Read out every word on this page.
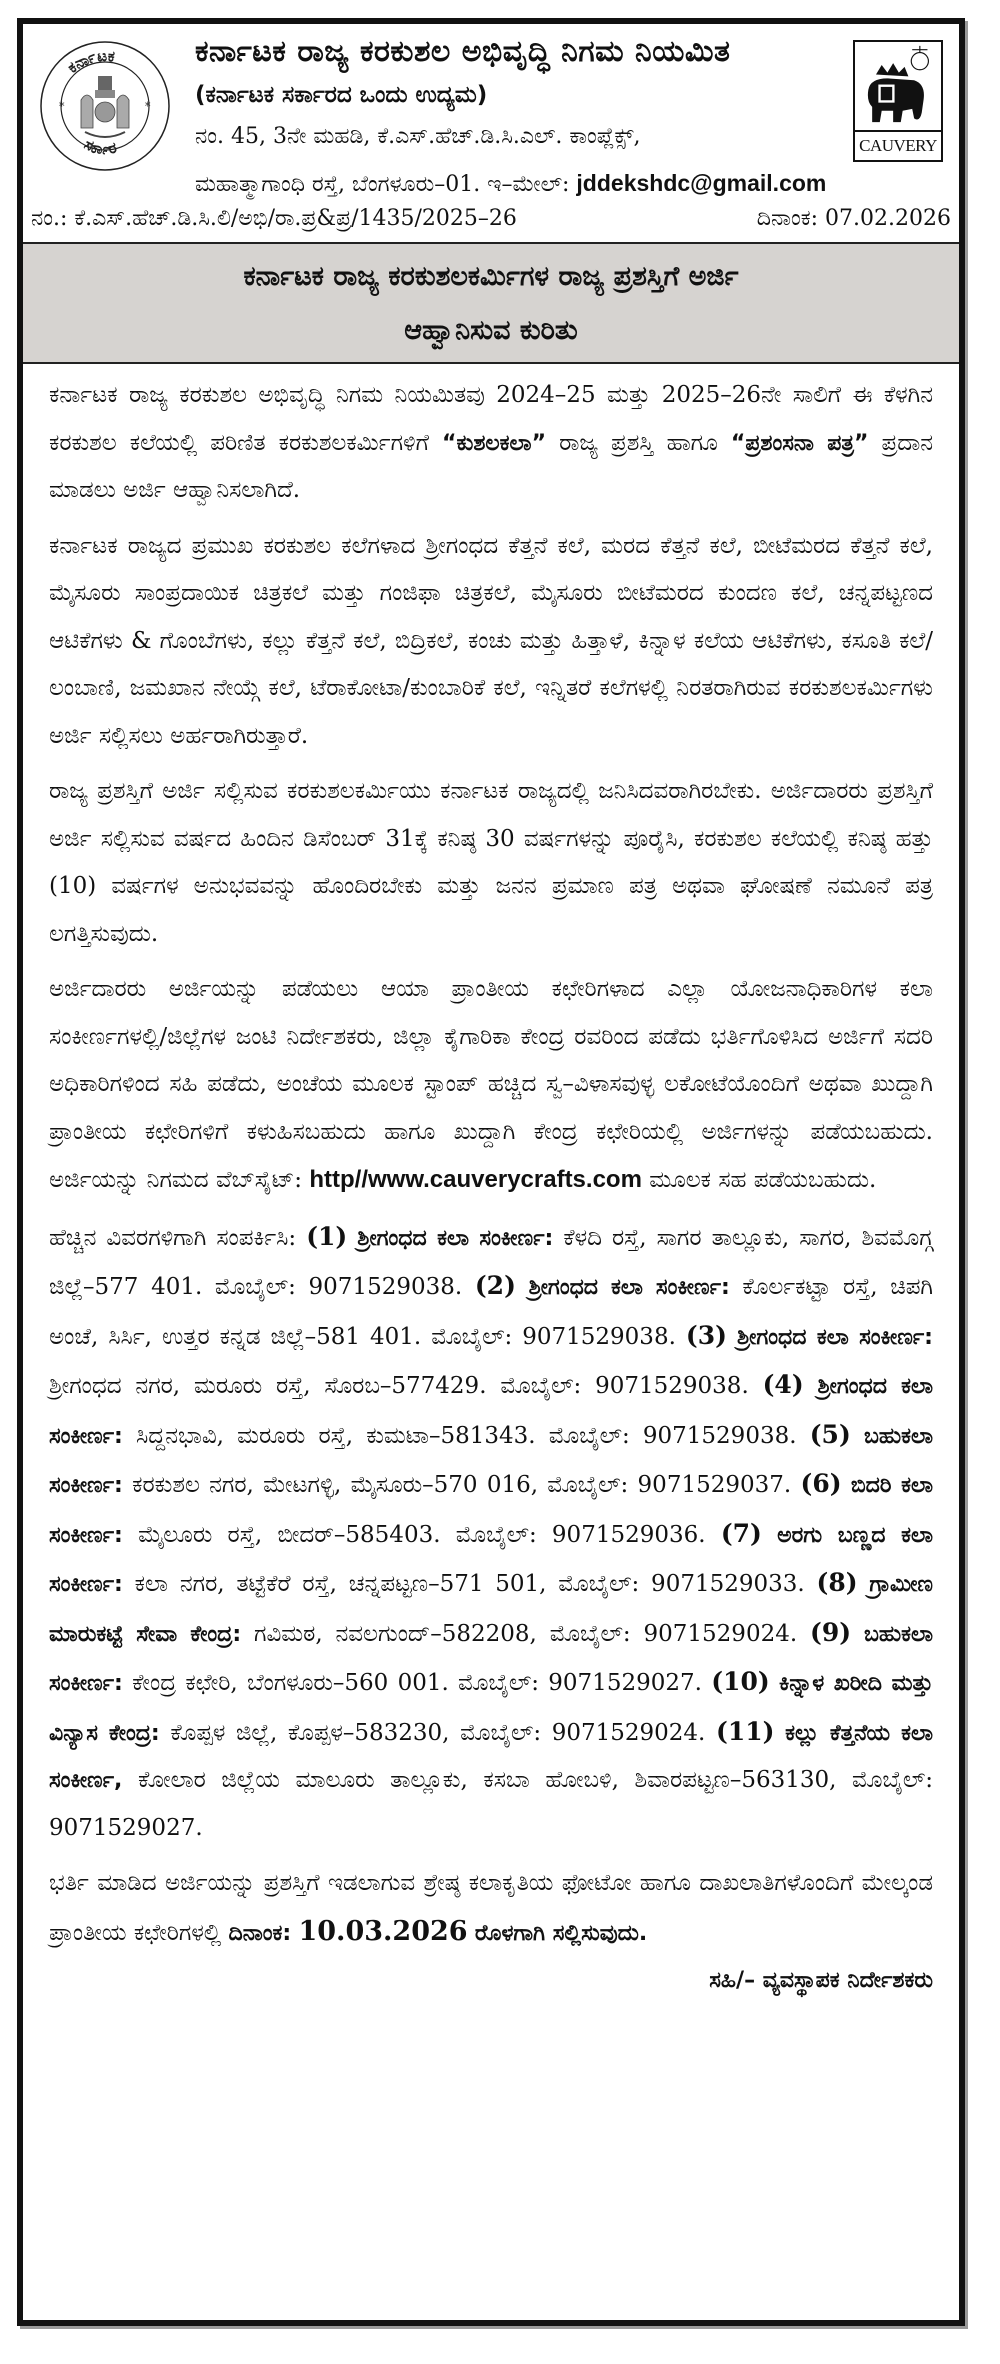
*	*
ಕರ್ನಾಟಕ
ಸರ್ಕಾರ
ಕರ್ನಾಟಕ ರಾಜ್ಯ ಕರಕುಶಲ ಅಭಿವೃದ್ಧಿ ನಿಗಮ ನಿಯಮಿತ
(ಕರ್ನಾಟಕ ಸರ್ಕಾರದ ಒಂದು ಉದ್ಯಮ)
ನಂ. 45, 3ನೇ ಮಹಡಿ, ಕೆ.ಎಸ್.ಹೆಚ್.ಡಿ.ಸಿ.ಎಲ್. ಕಾಂಪ್ಲೆಕ್ಸ್,
ಮಹಾತ್ಮಾಗಾಂಧಿ ರಸ್ತೆ, ಬೆಂಗಳೂರು–01. ಇ–ಮೇಲ್: jddekshdc@gmail.com
CAUVERY
ನಂ.: ಕೆ.ಎಸ್.ಹೆಚ್.ಡಿ.ಸಿ.ಲಿ/ಅಭಿ/ರಾ.ಪ್ರ&ಪ್ರ/1435/2025–26	ದಿನಾಂಕ: 07.02.2026
ಕರ್ನಾಟಕ ರಾಜ್ಯ ಕರಕುಶಲಕರ್ಮಿಗಳ ರಾಜ್ಯ ಪ್ರಶಸ್ತಿಗೆ ಅರ್ಜಿ
ಆಹ್ವಾನಿಸುವ ಕುರಿತು

ಕರ್ನಾಟಕ ರಾಜ್ಯ ಕರಕುಶಲ ಅಭಿವೃದ್ಧಿ ನಿಗಮ ನಿಯಮಿತವು 2024–25 ಮತ್ತು 2025–26ನೇ ಸಾಲಿಗೆ ಈ ಕೆಳಗಿನ ಕರಕುಶಲ ಕಲೆಯಲ್ಲಿ ಪರಿಣಿತ ಕರಕುಶಲಕರ್ಮಿಗಳಿಗೆ “ಕುಶಲಕಲಾ” ರಾಜ್ಯ ಪ್ರಶಸ್ತಿ ಹಾಗೂ “ಪ್ರಶಂಸನಾ ಪತ್ರ” ಪ್ರದಾನ ಮಾಡಲು ಅರ್ಜಿ ಆಹ್ವಾನಿಸಲಾಗಿದೆ.

ಕರ್ನಾಟಕ ರಾಜ್ಯದ ಪ್ರಮುಖ ಕರಕುಶಲ ಕಲೆಗಳಾದ ಶ್ರೀಗಂಧದ ಕೆತ್ತನೆ ಕಲೆ, ಮರದ ಕೆತ್ತನೆ ಕಲೆ, ಬೀಟೆಮರದ ಕೆತ್ತನೆ ಕಲೆ, ಮೈಸೂರು ಸಾಂಪ್ರದಾಯಿಕ ಚಿತ್ರಕಲೆ ಮತ್ತು ಗಂಜಿಫಾ ಚಿತ್ರಕಲೆ, ಮೈಸೂರು ಬೀಟೆಮರದ ಕುಂದಣ ಕಲೆ, ಚನ್ನಪಟ್ಟಣದ ಆಟಿಕೆಗಳು & ಗೊಂಬೆಗಳು, ಕಲ್ಲು ಕೆತ್ತನೆ ಕಲೆ, ಬಿದ್ರಿಕಲೆ, ಕಂಚು ಮತ್ತು ಹಿತ್ತಾಳೆ, ಕಿನ್ನಾಳ ಕಲೆಯ ಆಟಿಕೆಗಳು, ಕಸೂತಿ ಕಲೆ/ಲಂಬಾಣಿ, ಜಮಖಾನ ನೇಯ್ಗೆ ಕಲೆ, ಟೆರಾಕೋಟಾ/ಕುಂಬಾರಿಕೆ ಕಲೆ, ಇನ್ನಿತರೆ ಕಲೆಗಳಲ್ಲಿ ನಿರತರಾಗಿರುವ ಕರಕುಶಲಕರ್ಮಿಗಳು ಅರ್ಜಿ ಸಲ್ಲಿಸಲು ಅರ್ಹರಾಗಿರುತ್ತಾರೆ.

ರಾಜ್ಯ ಪ್ರಶಸ್ತಿಗೆ ಅರ್ಜಿ ಸಲ್ಲಿಸುವ ಕರಕುಶಲಕರ್ಮಿಯು ಕರ್ನಾಟಕ ರಾಜ್ಯದಲ್ಲಿ ಜನಿಸಿದವರಾಗಿರಬೇಕು. ಅರ್ಜಿದಾರರು ಪ್ರಶಸ್ತಿಗೆ ಅರ್ಜಿ ಸಲ್ಲಿಸುವ ವರ್ಷದ ಹಿಂದಿನ ಡಿಸೆಂಬರ್ 31ಕ್ಕೆ ಕನಿಷ್ಠ 30 ವರ್ಷಗಳನ್ನು ಪೂರೈಸಿ, ಕರಕುಶಲ ಕಲೆಯಲ್ಲಿ ಕನಿಷ್ಠ ಹತ್ತು (10) ವರ್ಷಗಳ ಅನುಭವವನ್ನು ಹೊಂದಿರಬೇಕು ಮತ್ತು ಜನನ ಪ್ರಮಾಣ ಪತ್ರ ಅಥವಾ ಘೋಷಣೆ ನಮೂನೆ ಪತ್ರ ಲಗತ್ತಿಸುವುದು.

ಅರ್ಜಿದಾರರು ಅರ್ಜಿಯನ್ನು ಪಡೆಯಲು ಆಯಾ ಪ್ರಾಂತೀಯ ಕಛೇರಿಗಳಾದ ಎಲ್ಲಾ ಯೋಜನಾಧಿಕಾರಿಗಳ ಕಲಾ ಸಂಕೀರ್ಣಗಳಲ್ಲಿ/ಜಿಲ್ಲೆಗಳ ಜಂಟಿ ನಿರ್ದೇಶಕರು, ಜಿಲ್ಲಾ ಕೈಗಾರಿಕಾ ಕೇಂದ್ರ ರವರಿಂದ ಪಡೆದು ಭರ್ತಿಗೊಳಿಸಿದ ಅರ್ಜಿಗೆ ಸದರಿ ಅಧಿಕಾರಿಗಳಿಂದ ಸಹಿ ಪಡೆದು, ಅಂಚೆಯ ಮೂಲಕ ಸ್ಟಾಂಪ್ ಹಚ್ಚಿದ ಸ್ವ–ವಿಳಾಸವುಳ್ಳ ಲಕೋಟೆಯೊಂದಿಗೆ ಅಥವಾ ಖುದ್ದಾಗಿ ಪ್ರಾಂತೀಯ ಕಛೇರಿಗಳಿಗೆ ಕಳುಹಿಸಬಹುದು ಹಾಗೂ ಖುದ್ದಾಗಿ ಕೇಂದ್ರ ಕಛೇರಿಯಲ್ಲಿ ಅರ್ಜಿಗಳನ್ನು ಪಡೆಯಬಹುದು. ಅರ್ಜಿಯನ್ನು ನಿಗಮದ ವೆಬ್‌ಸೈಟ್: http//www.cauverycrafts.com ಮೂಲಕ ಸಹ ಪಡೆಯಬಹುದು.

ಹೆಚ್ಚಿನ ವಿವರಗಳಿಗಾಗಿ ಸಂಪರ್ಕಿಸಿ: (1) ಶ್ರೀಗಂಧದ ಕಲಾ ಸಂಕೀರ್ಣ: ಕೆಳದಿ ರಸ್ತೆ, ಸಾಗರ ತಾಲ್ಲೂಕು, ಸಾಗರ, ಶಿವಮೊಗ್ಗ ಜಿಲ್ಲೆ–577 401. ಮೊಬೈಲ್: 9071529038. (2) ಶ್ರೀಗಂಧದ ಕಲಾ ಸಂಕೀರ್ಣ: ಕೊರ್ಲಕಟ್ಟಾ ರಸ್ತೆ, ಚಿಪಗಿ ಅಂಚೆ, ಸಿರ್ಸಿ, ಉತ್ತರ ಕನ್ನಡ ಜಿಲ್ಲೆ–581 401. ಮೊಬೈಲ್: 9071529038. (3) ಶ್ರೀಗಂಧದ ಕಲಾ ಸಂಕೀರ್ಣ: ಶ್ರೀಗಂಧದ ನಗರ, ಮರೂರು ರಸ್ತೆ, ಸೊರಬ–577429. ಮೊಬೈಲ್: 9071529038. (4) ಶ್ರೀಗಂಧದ ಕಲಾ ಸಂಕೀರ್ಣ: ಸಿದ್ದನಭಾವಿ, ಮರೂರು ರಸ್ತೆ, ಕುಮಟಾ–581343. ಮೊಬೈಲ್: 9071529038. (5) ಬಹುಕಲಾ ಸಂಕೀರ್ಣ: ಕರಕುಶಲ ನಗರ, ಮೇಟಗಳ್ಳಿ, ಮೈಸೂರು–570 016, ಮೊಬೈಲ್: 9071529037. (6) ಬಿದರಿ ಕಲಾ ಸಂಕೀರ್ಣ: ಮೈಲೂರು ರಸ್ತೆ, ಬೀದರ್–585403. ಮೊಬೈಲ್: 9071529036. (7) ಅರಗು ಬಣ್ಣದ ಕಲಾ ಸಂಕೀರ್ಣ: ಕಲಾ ನಗರ, ತಟ್ಟೆಕೆರೆ ರಸ್ತೆ, ಚನ್ನಪಟ್ಟಣ–571 501, ಮೊಬೈಲ್: 9071529033. (8) ಗ್ರಾಮೀಣ ಮಾರುಕಟ್ಟೆ ಸೇವಾ ಕೇಂದ್ರ: ಗವಿಮಠ, ನವಲಗುಂದ್–582208, ಮೊಬೈಲ್: 9071529024. (9) ಬಹುಕಲಾ ಸಂಕೀರ್ಣ: ಕೇಂದ್ರ ಕಛೇರಿ, ಬೆಂಗಳೂರು–560 001. ಮೊಬೈಲ್: 9071529027. (10) ಕಿನ್ನಾಳ ಖರೀದಿ ಮತ್ತು ವಿನ್ಯಾಸ ಕೇಂದ್ರ: ಕೊಪ್ಪಳ ಜಿಲ್ಲೆ, ಕೊಪ್ಪಳ–583230, ಮೊಬೈಲ್: 9071529024. (11) ಕಲ್ಲು ಕೆತ್ತನೆಯ ಕಲಾ ಸಂಕೀರ್ಣ, ಕೋಲಾರ ಜಿಲ್ಲೆಯ ಮಾಲೂರು ತಾಲ್ಲೂಕು, ಕಸಬಾ ಹೋಬಳಿ, ಶಿವಾರಪಟ್ಟಣ–563130, ಮೊಬೈಲ್: 9071529027.

ಭರ್ತಿ ಮಾಡಿದ ಅರ್ಜಿಯನ್ನು ಪ್ರಶಸ್ತಿಗೆ ಇಡಲಾಗುವ ಶ್ರೇಷ್ಠ ಕಲಾಕೃತಿಯ ಫೋಟೋ ಹಾಗೂ ದಾಖಲಾತಿಗಳೊಂದಿಗೆ ಮೇಲ್ಕಂಡ ಪ್ರಾಂತೀಯ ಕಛೇರಿಗಳಲ್ಲಿ ದಿನಾಂಕ: 10.03.2026 ರೊಳಗಾಗಿ ಸಲ್ಲಿಸುವುದು.

ಸಹಿ/– ವ್ಯವಸ್ಥಾಪಕ ನಿರ್ದೇಶಕರು
